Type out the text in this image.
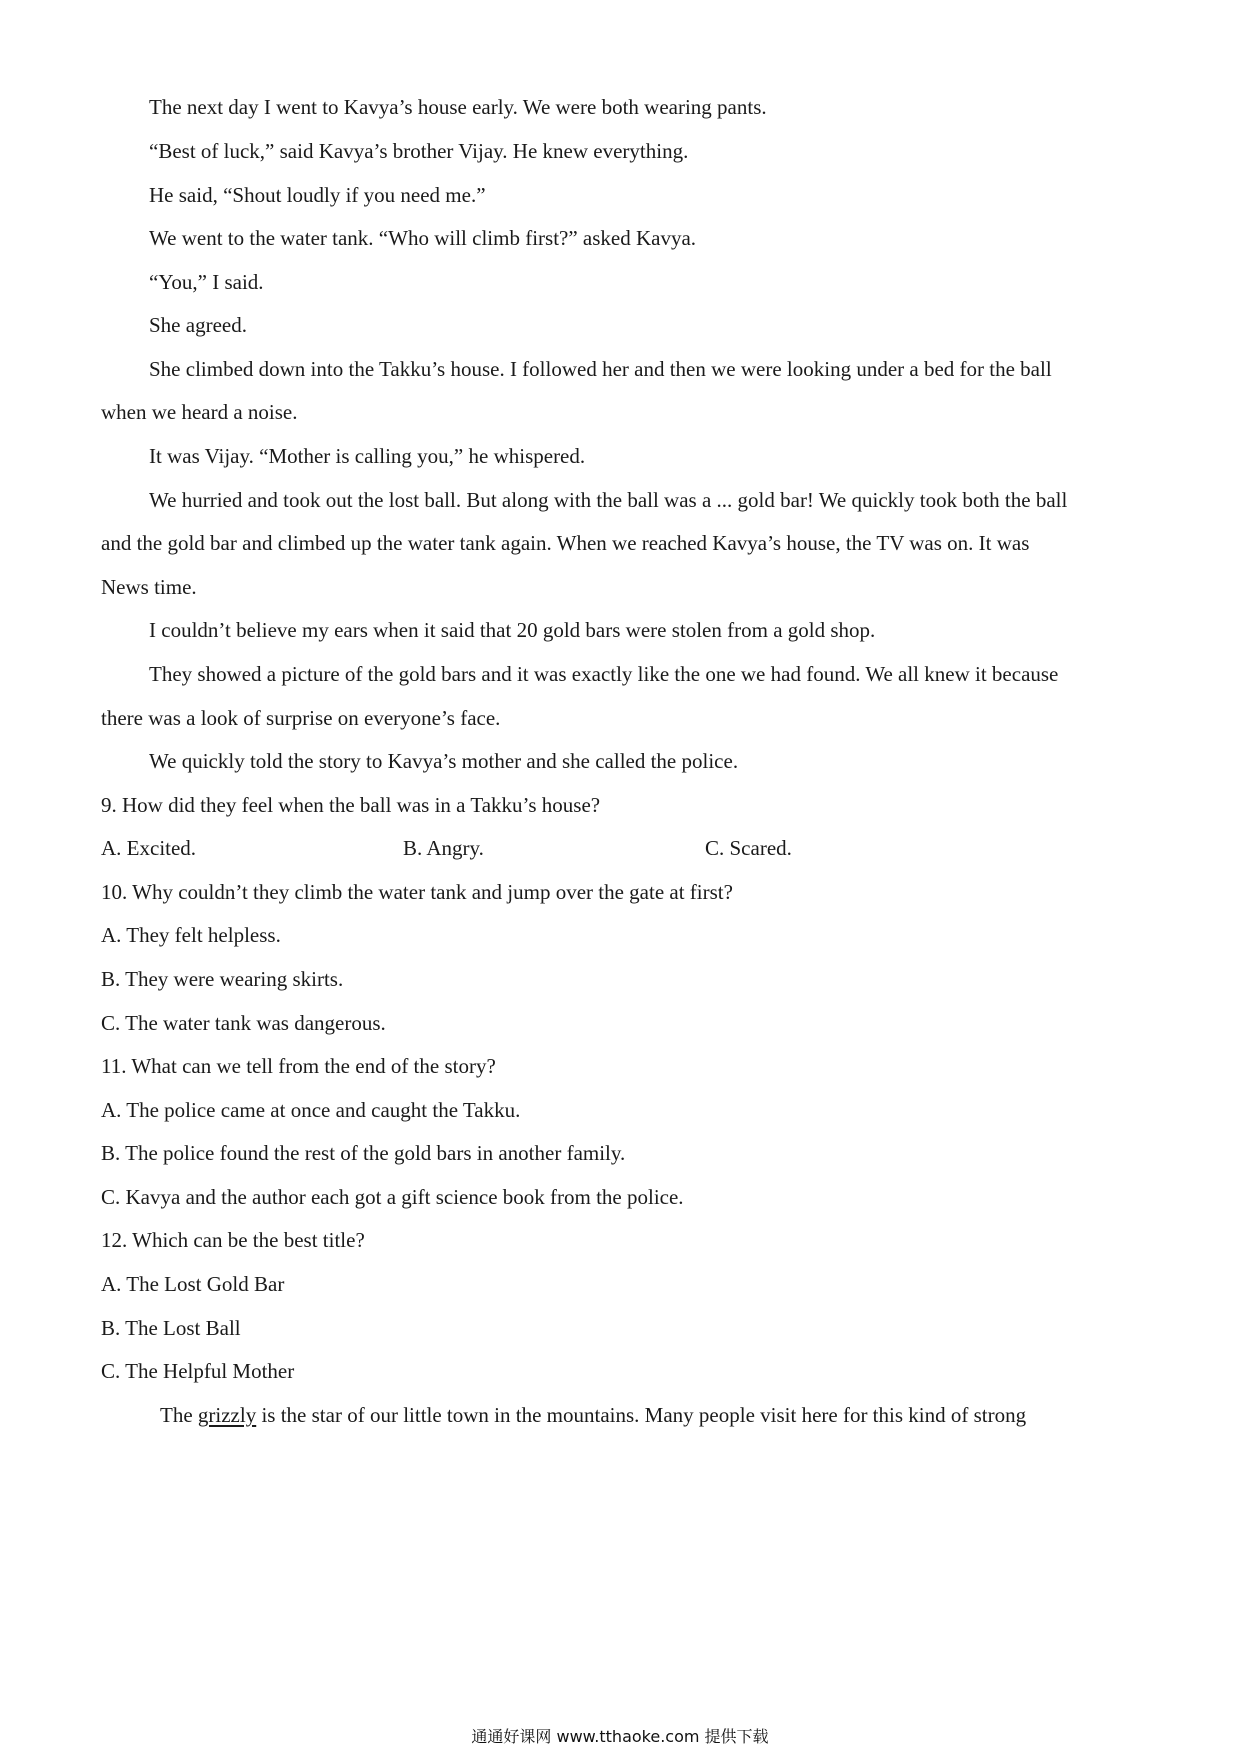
The next day I went to Kavya’s house early. We were both wearing pants.
“Best of luck,” said Kavya’s brother Vijay. He knew everything.
He said, “Shout loudly if you need me.”
We went to the water tank. “Who will climb first?” asked Kavya.
“You,” I said.
She agreed.
She climbed down into the Takku’s house. I followed her and then we were looking under a bed for the ball
when we heard a noise.
It was Vijay. “Mother is calling you,” he whispered.
We hurried and took out the lost ball. But along with the ball was a ... gold bar! We quickly took both the ball
and the gold bar and climbed up the water tank again. When we reached Kavya’s house, the TV was on. It was
News time.
I couldn’t believe my ears when it said that 20 gold bars were stolen from a gold shop.
They showed a picture of the gold bars and it was exactly like the one we had found. We all knew it because
there was a look of surprise on everyone’s face.
We quickly told the story to Kavya’s mother and she called the police.
9. How did they feel when the ball was in a Takku’s house?
A. Excited.	B. Angry.	C. Scared.
10. Why couldn’t they climb the water tank and jump over the gate at first?
A. They felt helpless.
B. They were wearing skirts.
C. The water tank was dangerous.
11. What can we tell from the end of the story?
A. The police came at once and caught the Takku.
B. The police found the rest of the gold bars in another family.
C. Kavya and the author each got a gift science book from the police.
12. Which can be the best title?
A. The Lost Gold Bar
B. The Lost Ball
C. The Helpful Mother
The grizzly is the star of our little town in the mountains. Many people visit here for this kind of strong
通通好课网 www.tthaoke.com 提供下载
